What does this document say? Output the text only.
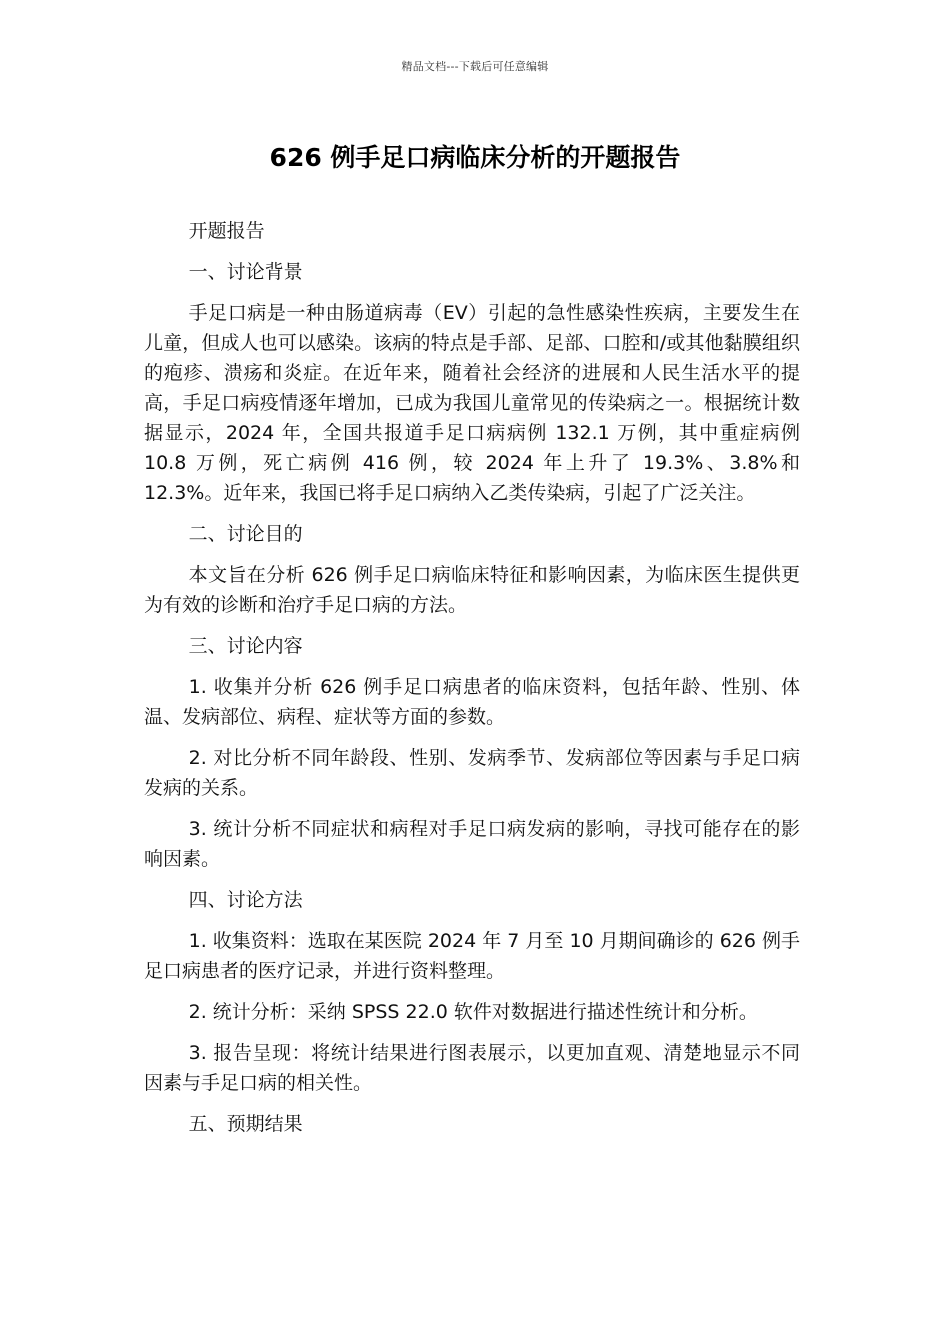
精品文档---下载后可任意编辑
626 例手足口病临床分析的开题报告

开题报告

一、讨论背景

手足口病是一种由肠道病毒（EV）引起的急性感染性疾病，主要发生在儿童，但成人也可以感染。该病的特点是手部、足部、口腔和/或其他黏膜组织的疱疹、溃疡和炎症。在近年来，随着社会经济的进展和人民生活水平的提高，手足口病疫情逐年增加，已成为我国儿童常见的传染病之一。根据统计数据显示，2024 年，全国共报道手足口病病例 132.1 万例，其中重症病例 10.8 万例，死亡病例 416 例，较 2024 年上升了 19.3%、3.8%和 12.3%。近年来，我国已将手足口病纳入乙类传染病，引起了广泛关注。

二、讨论目的

本文旨在分析 626 例手足口病临床特征和影响因素，为临床医生提供更为有效的诊断和治疗手足口病的方法。

三、讨论内容

1. 收集并分析 626 例手足口病患者的临床资料，包括年龄、性别、体温、发病部位、病程、症状等方面的参数。

2. 对比分析不同年龄段、性别、发病季节、发病部位等因素与手足口病发病的关系。

3. 统计分析不同症状和病程对手足口病发病的影响，寻找可能存在的影响因素。

四、讨论方法

1. 收集资料：选取在某医院 2024 年 7 月至 10 月期间确诊的 626 例手足口病患者的医疗记录，并进行资料整理。

2. 统计分析：采纳 SPSS 22.0 软件对数据进行描述性统计和分析。

3. 报告呈现：将统计结果进行图表展示，以更加直观、清楚地显示不同因素与手足口病的相关性。

五、预期结果
